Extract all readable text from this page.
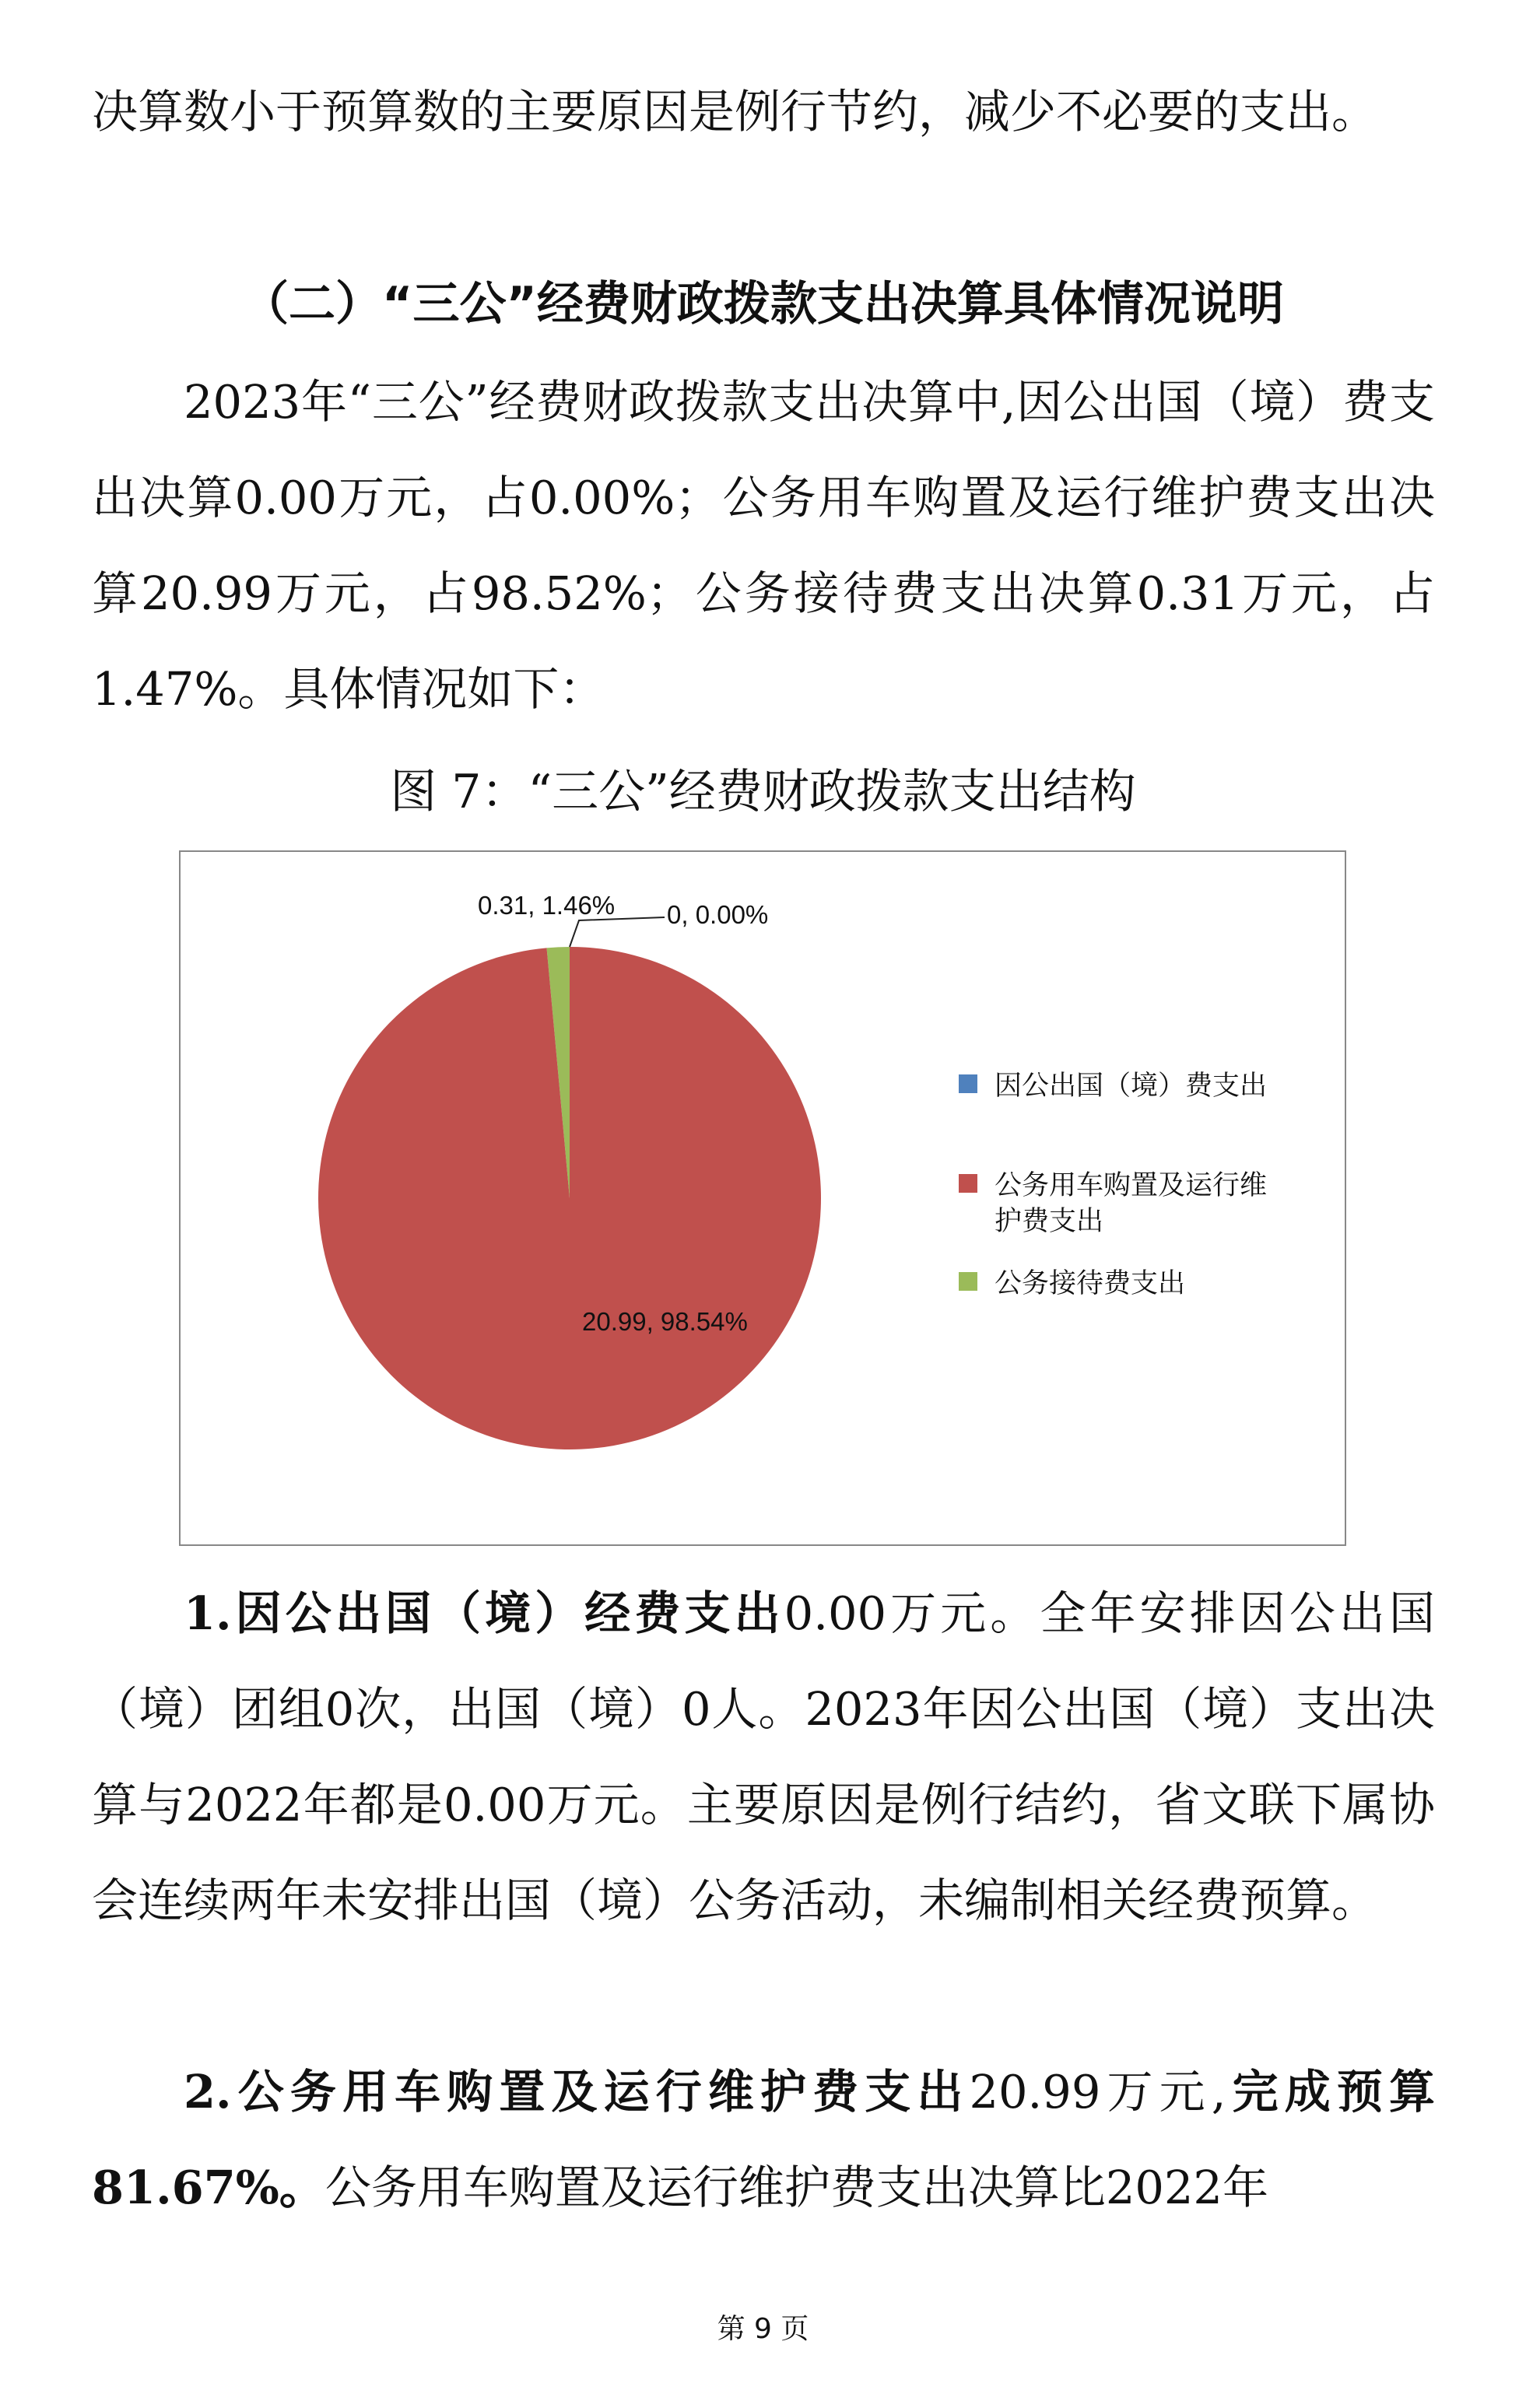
决算数小于预算数的主要原因是例行节约，减少不必要的支出。

（二）“三公”经费财政拨款支出决算具体情况说明

2023年“三公”经费财政拨款支出决算中,因公出国（境）费支出决算0.00万元，占0.00%；公务用车购置及运行维护费支出决算20.99万元，占98.52%；公务接待费支出决算0.31万元，占1.47%。具体情况如下：

图 7：“三公”经费财政拨款支出结构

0.31, 1.46% 0, 0.00%
20.99, 98.54%
因公出国（境）费支出
公务用车购置及运行维
护费支出
公务接待费支出

1.因公出国（境）经费支出0.00万元。全年安排因公出国（境）团组0次，出国（境）0人。2023年因公出国（境）支出决算与2022年都是0.00万元。主要原因是例行结约，省文联下属协会连续两年未安排出国（境）公务活动，未编制相关经费预算。

2.公务用车购置及运行维护费支出20.99万元,完成预算81.67%。公务用车购置及运行维护费支出决算比2022年

第 9 页
